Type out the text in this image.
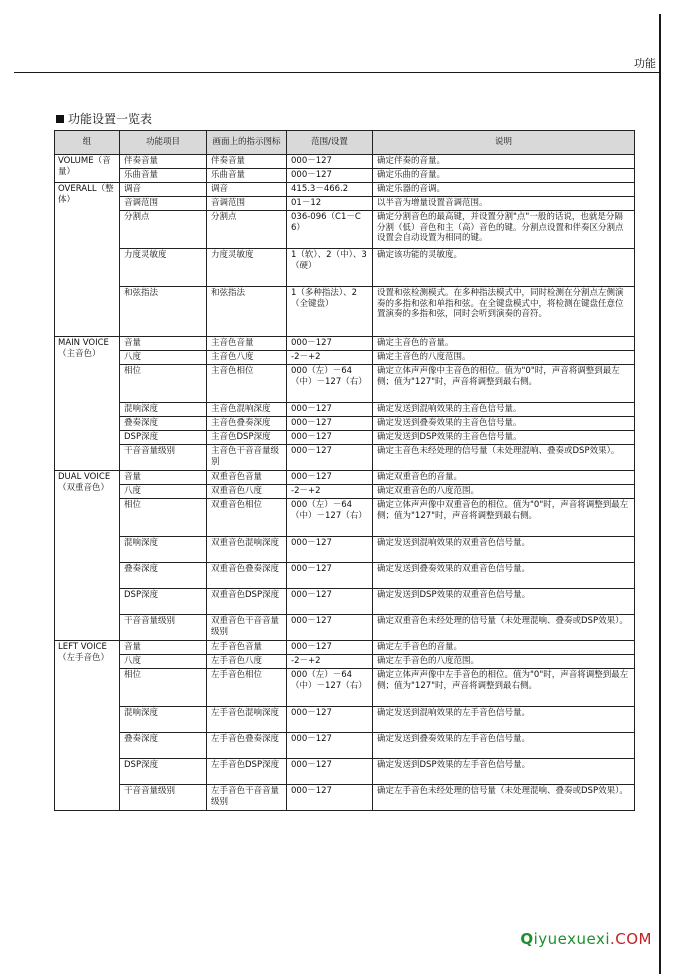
功能
功能设置一览表
组	功能项目	画面上的指示图标	范围/设置	说明
VOLUME（音量）	伴奏音量	伴奏音量	000－127	确定伴奏的音量。
	乐曲音量	乐曲音量	000－127	确定乐曲的音量。
OVERALL（整体）	调音	调音	415.3－466.2	确定乐器的音调。
	音调范围	音调范围	01－12	以半音为增量设置音调范围。
	分割点	分割点	036-096（C1－C6）	确定分割音色的最高键，并设置分割"点"一般的话说，也就是分隔分割（低）音色和主（高）音色的键。分割点设置和伴奏区分割点设置会自动设置为相同的键。
	力度灵敏度	力度灵敏度	1（软）、2（中）、3（硬）	确定该功能的灵敏度。
	和弦指法	和弦指法	1（多种指法）、2（全键盘）	设置和弦检测模式。在多种指法模式中，同时检测在分割点左侧演奏的多指和弦和单指和弦。在全键盘模式中，将检测在键盘任意位置演奏的多指和弦，同时会听到演奏的音符。
MAIN VOICE（主音色）	音量	主音色音量	000－127	确定主音色的音量。
	八度	主音色八度	-2－+2	确定主音色的八度范围。
	相位	主音色相位	000（左）－64（中）－127（右）	确定立体声声像中主音色的相位。值为"0"时，声音将调整到最左侧；值为"127"时，声音将调整到最右侧。
	混响深度	主音色混响深度	000－127	确定发送到混响效果的主音色信号量。
	叠奏深度	主音色叠奏深度	000－127	确定发送到叠奏效果的主音色信号量。
	DSP深度	主音色DSP深度	000－127	确定发送到DSP效果的主音色信号量。
	干音音量级别	主音色干音音量级别	000－127	确定主音色未经处理的信号量（未处理混响、叠奏或DSP效果）。
DUAL VOICE（双重音色）	音量	双重音色音量	000－127	确定双重音色的音量。
	八度	双重音色八度	-2－+2	确定双重音色的八度范围。
	相位	双重音色相位	000（左）－64（中）－127（右）	确定立体声声像中双重音色的相位。值为"0"时，声音将调整到最左侧；值为"127"时，声音将调整到最右侧。
	混响深度	双重音色混响深度	000－127	确定发送到混响效果的双重音色信号量。
	叠奏深度	双重音色叠奏深度	000－127	确定发送到叠奏效果的双重音色信号量。
	DSP深度	双重音色DSP深度	000－127	确定发送到DSP效果的双重音色信号量。
	干音音量级别	双重音色干音音量级别	000－127	确定双重音色未经处理的信号量（未处理混响、叠奏或DSP效果）。
LEFT VOICE（左手音色）	音量	左手音色音量	000－127	确定左手音色的音量。
	八度	左手音色八度	-2－+2	确定左手音色的八度范围。
	相位	左手音色相位	000（左）－64（中）－127（右）	确定立体声声像中左手音色的相位。值为"0"时，声音将调整到最左侧；值为"127"时，声音将调整到最右侧。
	混响深度	左手音色混响深度	000－127	确定发送到混响效果的左手音色信号量。
	叠奏深度	左手音色叠奏深度	000－127	确定发送到叠奏效果的左手音色信号量。
	DSP深度	左手音色DSP深度	000－127	确定发送到DSP效果的左手音色信号量。
	干音音量级别	左手音色干音音量级别	000－127	确定左手音色未经处理的信号量（未处理混响、叠奏或DSP效果）。
Qiyuexuexi.COM
